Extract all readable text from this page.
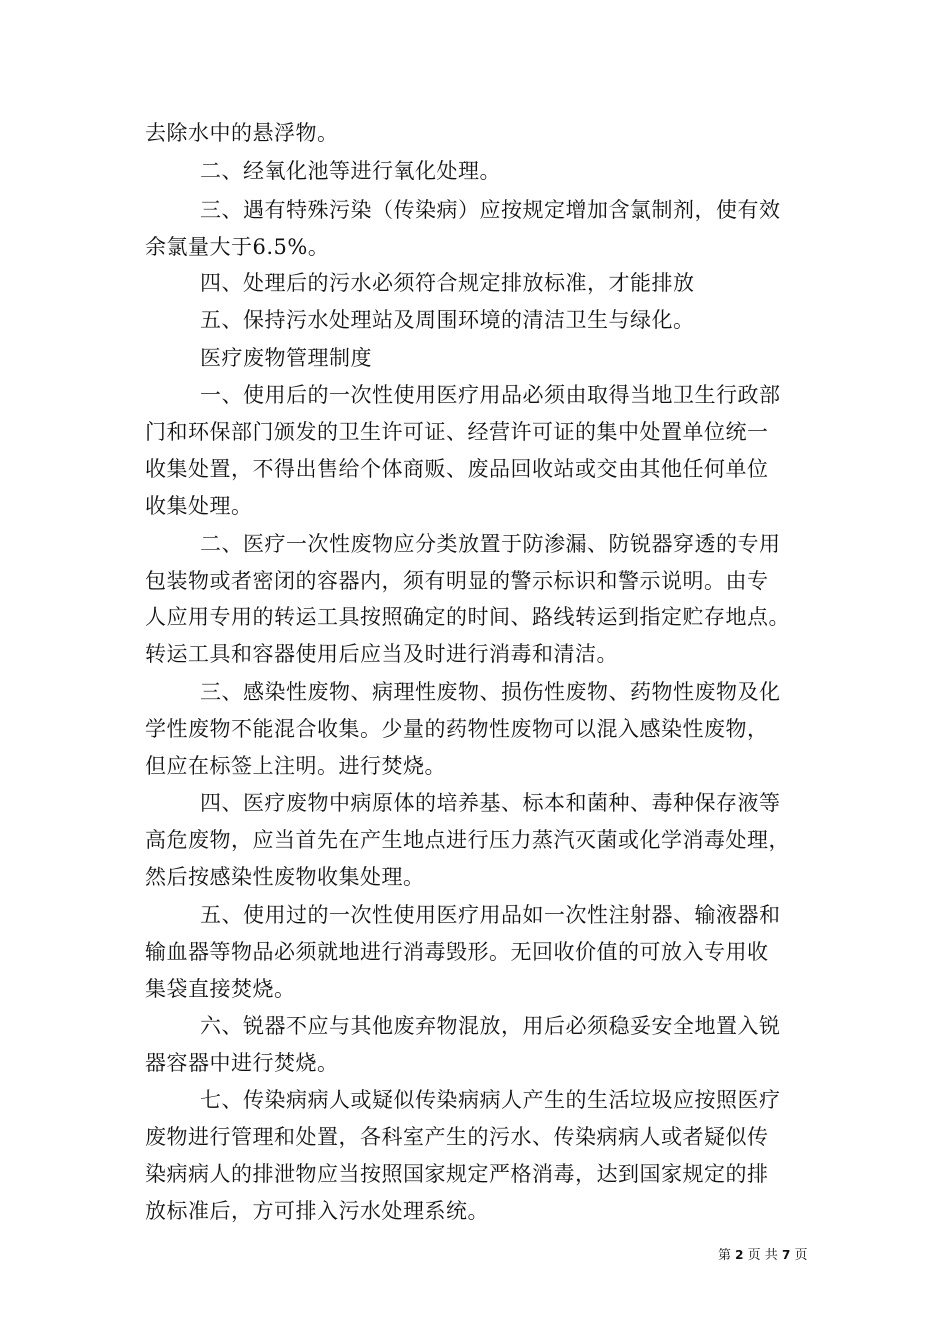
去除水中的悬浮物。
二、经氧化池等进行氧化处理。
三、遇有特殊污染（传染病）应按规定增加含氯制剂，使有效
余氯量大于6.5%。
四、处理后的污水必须符合规定排放标准，才能排放
五、保持污水处理站及周围环境的清洁卫生与绿化。
医疗废物管理制度
一、使用后的一次性使用医疗用品必须由取得当地卫生行政部
门和环保部门颁发的卫生许可证、经营许可证的集中处置单位统一
收集处置，不得出售给个体商贩、废品回收站或交由其他任何单位
收集处理。
二、医疗一次性废物应分类放置于防渗漏、防锐器穿透的专用
包装物或者密闭的容器内，须有明显的警示标识和警示说明。由专
人应用专用的转运工具按照确定的时间、路线转运到指定贮存地点。
转运工具和容器使用后应当及时进行消毒和清洁。
三、感染性废物、病理性废物、损伤性废物、药物性废物及化
学性废物不能混合收集。少量的药物性废物可以混入感染性废物，
但应在标签上注明。进行焚烧。
四、医疗废物中病原体的培养基、标本和菌种、毒种保存液等
高危废物，应当首先在产生地点进行压力蒸汽灭菌或化学消毒处理，
然后按感染性废物收集处理。
五、使用过的一次性使用医疗用品如一次性注射器、输液器和
输血器等物品必须就地进行消毒毁形。无回收价值的可放入专用收
集袋直接焚烧。
六、锐器不应与其他废弃物混放，用后必须稳妥安全地置入锐
器容器中进行焚烧。
七、传染病病人或疑似传染病病人产生的生活垃圾应按照医疗
废物进行管理和处置，各科室产生的污水、传染病病人或者疑似传
染病病人的排泄物应当按照国家规定严格消毒，达到国家规定的排
放标准后，方可排入污水处理系统。
第 2 页 共 7 页
